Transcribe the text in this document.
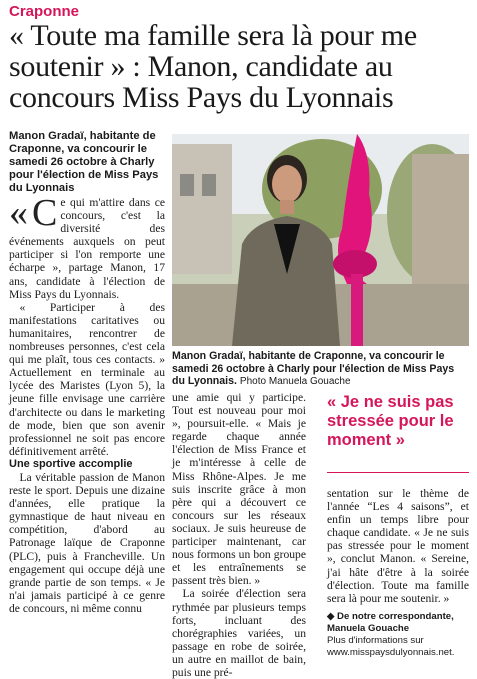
Craponne
« Toute ma famille sera là pour me soutenir » : Manon, candidate au concours Miss Pays du Lyonnais
Manon Gradaï, habitante de Craponne, va concourir le samedi 26 octobre à Charly pour l'élection de Miss Pays du Lyonnais

« C e qui m'attire dans ce concours, c'est la diversité des événements auxquels on peut participer si l'on remporte une écharpe », partage Manon, 17 ans, candidate à l'élection de Miss Pays du Lyonnais.

« Participer à des manifestations caritatives ou humanitaires, rencontrer de nombreuses personnes, c'est cela qui me plaît, tous ces contacts. » Actuellement en terminale au lycée des Maristes (Lyon 5), la jeune fille envisage une carrière d'architecte ou dans le marketing de mode, bien que son avenir professionnel ne soit pas encore définitivement arrêté.

Une sportive accomplie

La véritable passion de Manon reste le sport. Depuis une dizaine d'années, elle pratique la gymnastique de haut niveau en compétition, d'abord au Patronage laïque de Craponne (PLC), puis à Francheville. Un engagement qui occupe déjà une grande partie de son temps. « Je n'ai jamais participé à ce genre de concours, ni même connu

Manon Gradaï, habitante de Craponne, va concourir le samedi 26 octobre à Charly pour l'élection de Miss Pays du Lyonnais. Photo Manuela Gouache

une amie qui y participe. Tout est nouveau pour moi », poursuit-elle. « Mais je regarde chaque année l'élection de Miss France et je m'intéresse à celle de Miss Rhône-Alpes. Je me suis inscrite grâce à mon père qui a découvert ce concours sur les réseaux sociaux. Je suis heureuse de participer maintenant, car nous formons un bon groupe et les entraînements se passent très bien. »

La soirée d'élection sera rythmée par plusieurs temps forts, incluant des chorégraphies variées, un passage en robe de soirée, un autre en maillot de bain, puis une pré-

« Je ne suis pas stressée pour le moment »

sentation sur le thème de l'année “Les 4 saisons”, et enfin un temps libre pour chaque candidate. « Je ne suis pas stressée pour le moment », conclut Manon. « Sereine, j'ai hâte d'être à la soirée d'élection. Toute ma famille sera là pour me soutenir. »

◆ De notre correspondante,
Manuela Gouache
Plus d'informations sur www.misspaysdulyonnais.net.
